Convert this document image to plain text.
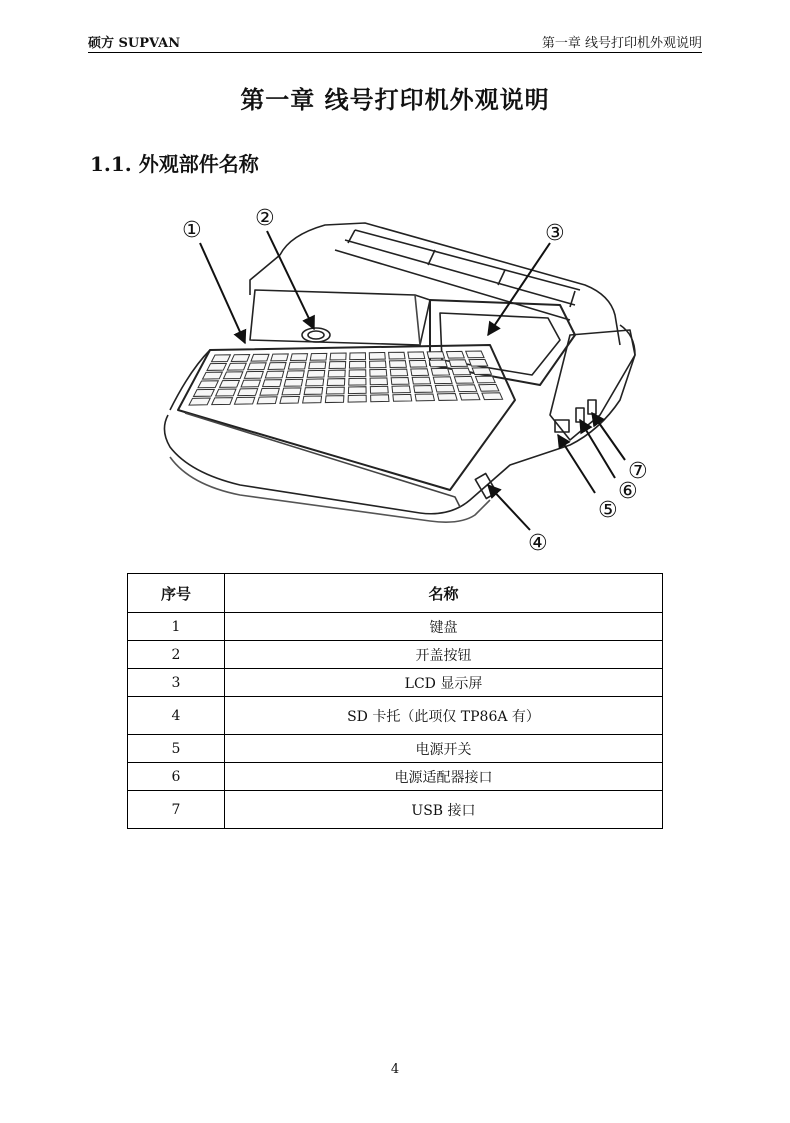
硕方 SUPVAN	第一章 线号打印机外观说明
第一章 线号打印机外观说明
1.1. 外观部件名称
① ②
③
④
⑤
⑥
⑦
序号	名称
1	键盘
2	开盖按钮
3	LCD 显示屏
4	SD 卡托（此项仅 TP86A 有）
5	电源开关
6	电源适配器接口
7	USB 接口
4
